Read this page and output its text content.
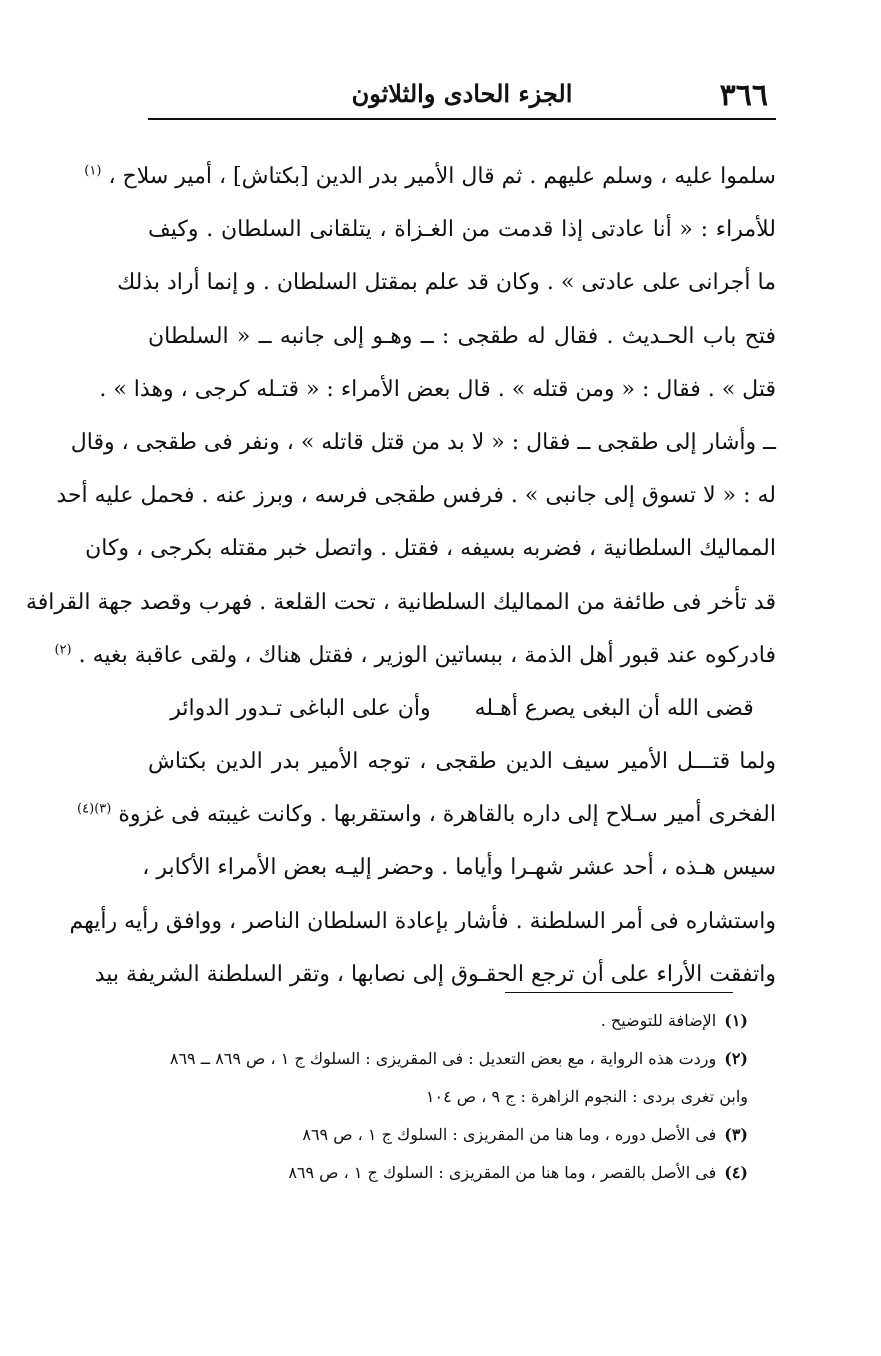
٣٦٦
الجزء الحادى والثلاثون
سلموا عليه ، وسلم عليهم . ثم قال الأمير بدر الدين [بكتاش] ، أمير سلاح ، $^{(١)}$
للأمراء : « أنا عادتى إذا قدمت من الغـزاة ، يتلقانى السلطان . وكيف
ما أجرانى على عادتى » . وكان قد علم بمقتل السلطان . و إنما أراد بذلك
فتح باب الحـديث . فقال له طقجى : ــ وهـو إلى جانبه ــ « السلطان
قتل » . فقال : « ومن قتله » . قال بعض الأمراء : « قتـله كرجى ، وهذا » .
ــ وأشار إلى طقجى ــ فقال : « لا بد من قتل قاتله » ، ونفر فى طقجى ، وقال
له : « لا تسوق إلى جانبى » . فرفس طقجى فرسه ، وبرز عنه . فحمل عليه أحد
المماليك السلطانية ، فضربه بسيفه ، فقتل . واتصل خبر مقتله بكرجى ، وكان
قد تأخر فى طائفة من المماليك السلطانية ، تحت القلعة . فهرب وقصد جهة القرافة
فادركوه عند قبور أهل الذمة ، ببساتين الوزير ، فقتل هناك ، ولقى عاقبة بغيه . $^{(٢)}$
قضى الله أن البغى يصرع أهـله
وأن على الباغى تـدور الدوائر
ولما قتـــل الأمير سيف الدين طقجى ، توجه الأمير بدر الدين بكتاش
الفخرى أمير سـلاح إلى داره بالقاهرة ، واستقربها . وكانت غيبته فى غزوة $^{(٣)(٤)}$
سيس هـذه ، أحد عشر شهـرا وأياما . وحضر إليـه بعض الأمراء الأكابر ،
واستشاره فى أمر السلطنة . فأشار بإعادة السلطان الناصر ، ووافق رأيه رأيهم
واتفقت الأراء على أن ترجع الحقـوق إلى نصابها ، وتقر السلطنة الشريفة بيد
(١)الإضافة للتوضيح .
(٢)وردت هذه الرواية ، مع بعض التعديل : فى المقريزى : السلوك ج ١ ، ص ٨٦٩ ــ ٨٦٩
وابن تغرى بردى : النجوم الزاهرة : ج ٩ ، ص ١٠٤
(٣)فى الأصل دوره ، وما هنا من المقريزى : السلوك ج ١ ، ص ٨٦٩
(٤)فى الأصل بالقصر ، وما هنا من المقريزى : السلوك ج ١ ، ص ٨٦٩
